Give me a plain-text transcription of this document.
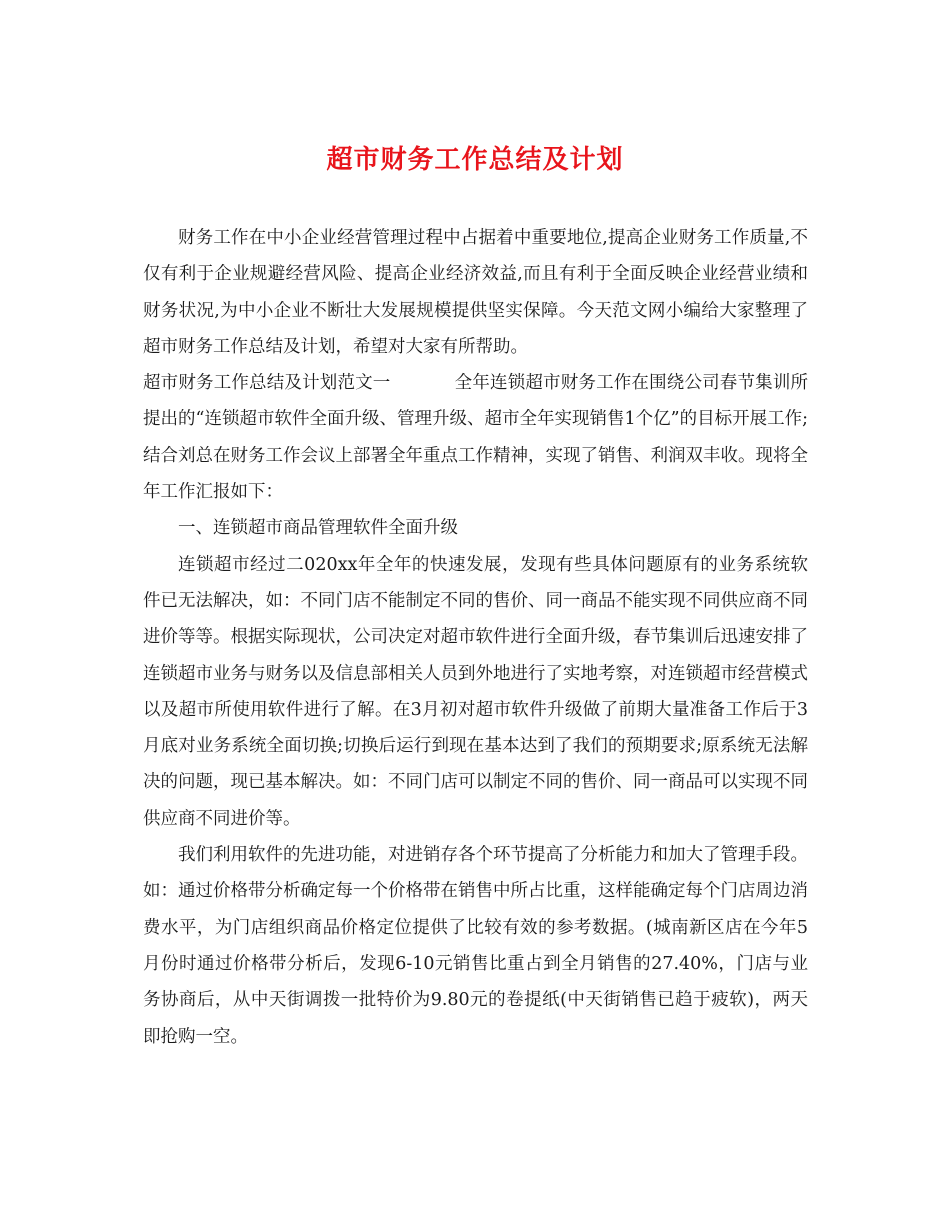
超市财务工作总结及计划

财务工作在中小企业经营管理过程中占据着中重要地位,提高企业财务工作质量,不仅有利于企业规避经营风险、提高企业经济效益,而且有利于全面反映企业经营业绩和财务状况,为中小企业不断壮大发展规模提供坚实保障。今天范文网小编给大家整理了超市财务工作总结及计划，希望对大家有所帮助。

超市财务工作总结及计划范文一	全年连锁超市财务工作在围绕公司春节集训所提出的“连锁超市软件全面升级、管理升级、超市全年实现销售1个亿”的目标开展工作;结合刘总在财务工作会议上部署全年重点工作精神，实现了销售、利润双丰收。现将全年工作汇报如下：

一、连锁超市商品管理软件全面升级

连锁超市经过二020xx年全年的快速发展，发现有些具体问题原有的业务系统软件已无法解决，如：不同门店不能制定不同的售价、同一商品不能实现不同供应商不同进价等等。根据实际现状，公司决定对超市软件进行全面升级，春节集训后迅速安排了连锁超市业务与财务以及信息部相关人员到外地进行了实地考察，对连锁超市经营模式以及超市所使用软件进行了解。在3月初对超市软件升级做了前期大量准备工作后于3月底对业务系统全面切换;切换后运行到现在基本达到了我们的预期要求;原系统无法解决的问题，现已基本解决。如：不同门店可以制定不同的售价、同一商品可以实现不同供应商不同进价等。

我们利用软件的先进功能，对进销存各个环节提高了分析能力和加大了管理手段。如：通过价格带分析确定每一个价格带在销售中所占比重，这样能确定每个门店周边消费水平，为门店组织商品价格定位提供了比较有效的参考数据。(城南新区店在今年5月份时通过价格带分析后，发现6-10元销售比重占到全月销售的27.40%，门店与业务协商后，从中天街调拨一批特价为9.80元的卷提纸(中天街销售已趋于疲软)，两天即抢购一空。
